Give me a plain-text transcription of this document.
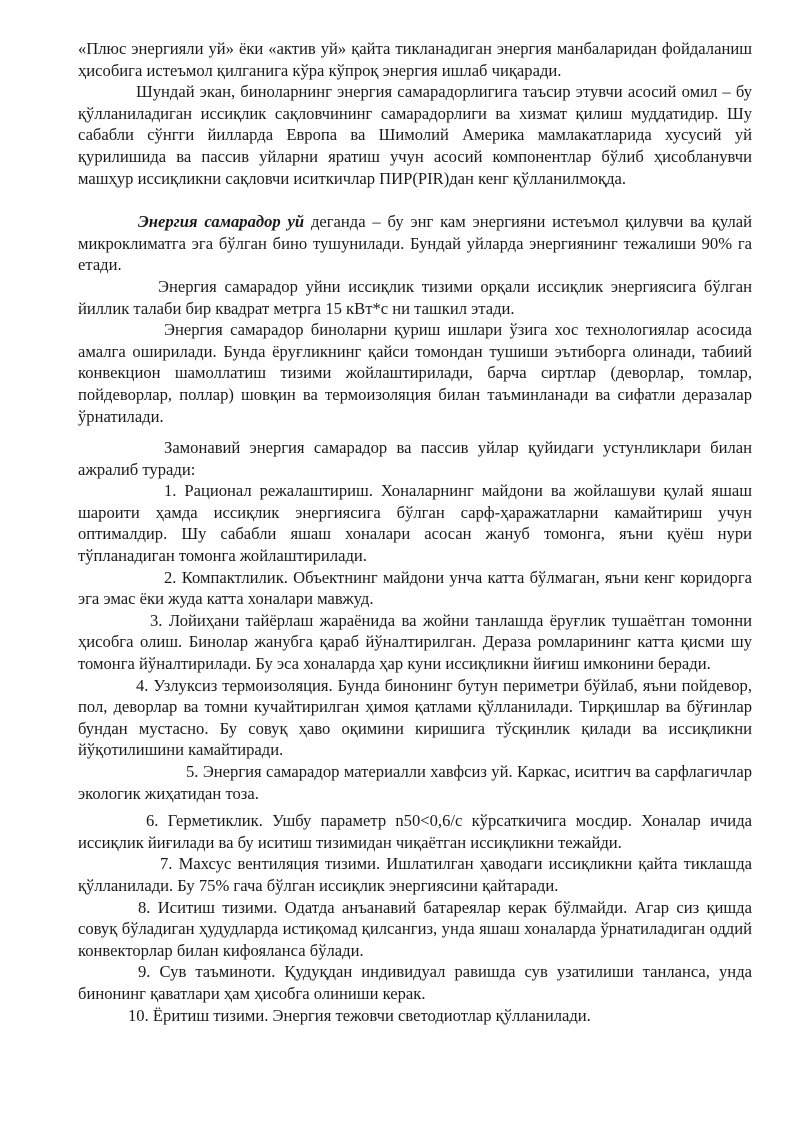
«Плюс энергияли уй» ёки «актив уй» қайта тикланадиган энергия манбаларидан фойдаланиш ҳисобига истеъмол қилганига кўра кўпроқ энергия ишлаб чиқаради.

Шундай экан, биноларнинг энергия самарадорлигига таъсир этувчи асосий омил – бу қўлланиладиган иссиқлик сақловчининг самарадорлиги ва хизмат қилиш муддатидир. Шу сабабли сўнгги йилларда Европа ва Шимолий Америка мамлакатларида хусусий уй қурилишида ва пассив уйларни яратиш учун асосий компонентлар бўлиб ҳисобланувчи машҳур иссиқликни сақловчи иситкичлар ПИР(PIR)дан кенг қўлланилмоқда.

Энергия самарадор уй деганда – бу энг кам энергияни истеъмол қилувчи ва қулай микроклиматга эга бўлган бино тушунилади. Бундай уйларда энергиянинг тежалиши 90% га етади.

Энергия самарадор уйни иссиқлик тизими орқали иссиқлик энергиясига бўлган йиллик талаби бир квадрат метрга 15 кВт*с ни ташкил этади.

Энергия самарадор биноларни қуриш ишлари ўзига хос технологиялар асосида амалга оширилади. Бунда ёруғликнинг қайси томондан тушиши эътиборга олинади, табиий конвекцион шамоллатиш тизими жойлаштирилади, барча сиртлар (деворлар, томлар, пойдеворлар, поллар) шовқин ва термоизоляция билан таъминланади ва сифатли деразалар ўрнатилади.

Замонавий энергия самарадор ва пассив уйлар қуйидаги устунликлари билан ажралиб туради:

1. Рационал режалаштириш. Хоналарнинг майдони ва жойлашуви қулай яшаш шароити ҳамда иссиқлик энергиясига бўлган сарф-ҳаражатларни камайтириш учун оптималдир. Шу сабабли яшаш хоналари асосан жануб томонга, яъни қуёш нури тўпланадиган томонга жойлаштирилади.

2. Компактлилик. Объектнинг майдони унча катта бўлмаган, яъни кенг коридорга эга эмас ёки жуда катта хоналари мавжуд.

3. Лойиҳани тайёрлаш жараёнида ва жойни танлашда ёруғлик тушаётган томонни ҳисобга олиш. Бинолар жанубга қараб йўналтирилган. Дераза ромларининг катта қисми шу томонга йўналтирилади. Бу эса хоналарда ҳар куни иссиқликни йиғиш имконини беради.

4. Узлуксиз термоизоляция. Бунда бинонинг бутун периметри бўйлаб, яъни пойдевор, пол, деворлар ва томни кучайтирилган ҳимоя қатлами қўлланилади. Тирқишлар ва бўғинлар бундан мустасно. Бу совуқ ҳаво оқимини киришига тўсқинлик қилади ва иссиқликни йўқотилишини камайтиради.

5. Энергия самарадор материалли хавфсиз уй. Каркас, иситгич ва сарфлагичлар экологик жиҳатидан тоза.

6. Герметиклик. Ушбу параметр n50<0,6/c кўрсаткичига мосдир. Хоналар ичида иссиқлик йиғилади ва бу иситиш тизимидан чиқаётган иссиқликни тежайди.

7. Махсус вентиляция тизими. Ишлатилган ҳаводаги иссиқликни қайта тиклашда қўлланилади. Бу 75% гача бўлган иссиқлик энергиясини қайтаради.

8. Иситиш тизими. Одатда анъанавий батареялар керак бўлмайди. Агар сиз қишда совуқ бўладиган ҳудудларда истиқомад қилсангиз, унда яшаш хоналарда ўрнатиладиган оддий конвекторлар билан кифояланса бўлади.

9. Сув таъминоти. Қудуқдан индивидуал равишда сув узатилиши танланса, унда бинонинг қаватлари ҳам ҳисобга олиниши керак.

10. Ёритиш тизими. Энергия тежовчи светодиотлар қўлланилади.
